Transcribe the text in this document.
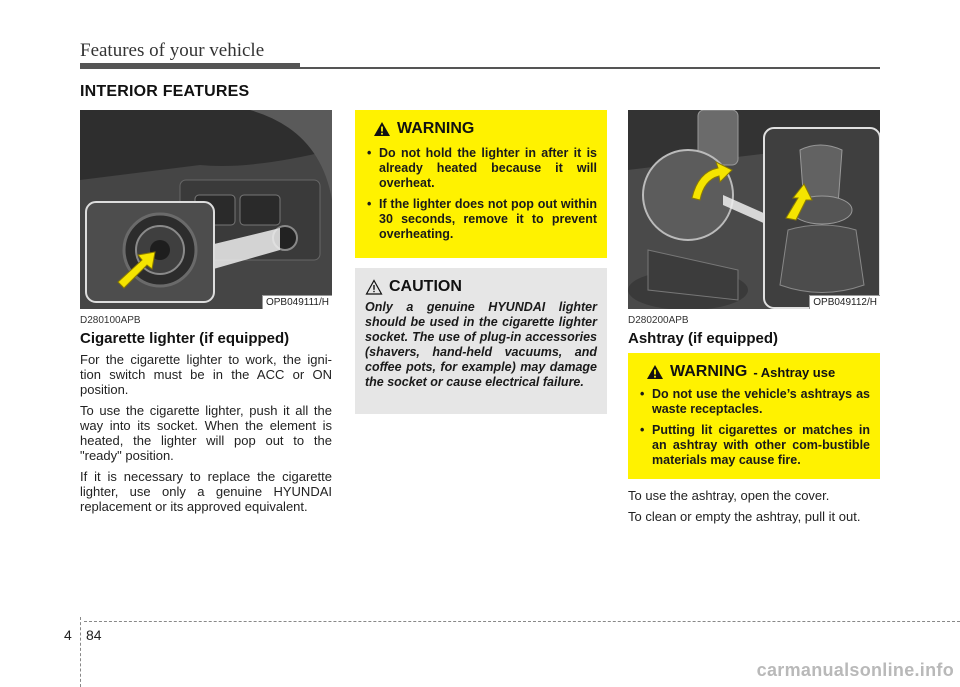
Features of your vehicle
INTERIOR FEATURES
OPB049111/H
D280100APB
Cigarette lighter (if equipped)

For the cigarette lighter to work, the igni-tion switch must be in the ACC or ON position.

To use the cigarette lighter, push it all the way into its socket. When the element is heated, the lighter will pop out to the "ready" position.

If it is necessary to replace the cigarette lighter, use only a genuine HYUNDAI replacement or its approved equivalent.

WARNING
• Do not hold the lighter in after it is already heated because it will overheat.
• If the lighter does not pop out within 30 seconds, remove it to prevent overheating.
CAUTION
Only a genuine HYUNDAI lighter should be used in the cigarette lighter socket. The use of plug-in accessories (shavers, hand-held vacuums, and coffee pots, for example) may damage the socket or cause electrical failure.
OPB049112/H
D280200APB
Ashtray (if equipped)
WARNING - Ashtray use
• Do not use the vehicle’s ashtrays as waste receptacles.
• Putting lit cigarettes or matches in an ashtray with other com-bustible materials may cause fire.

To use the ashtray, open the cover.

To clean or empty the ashtray, pull it out.

4 84
carmanualsonline.info
